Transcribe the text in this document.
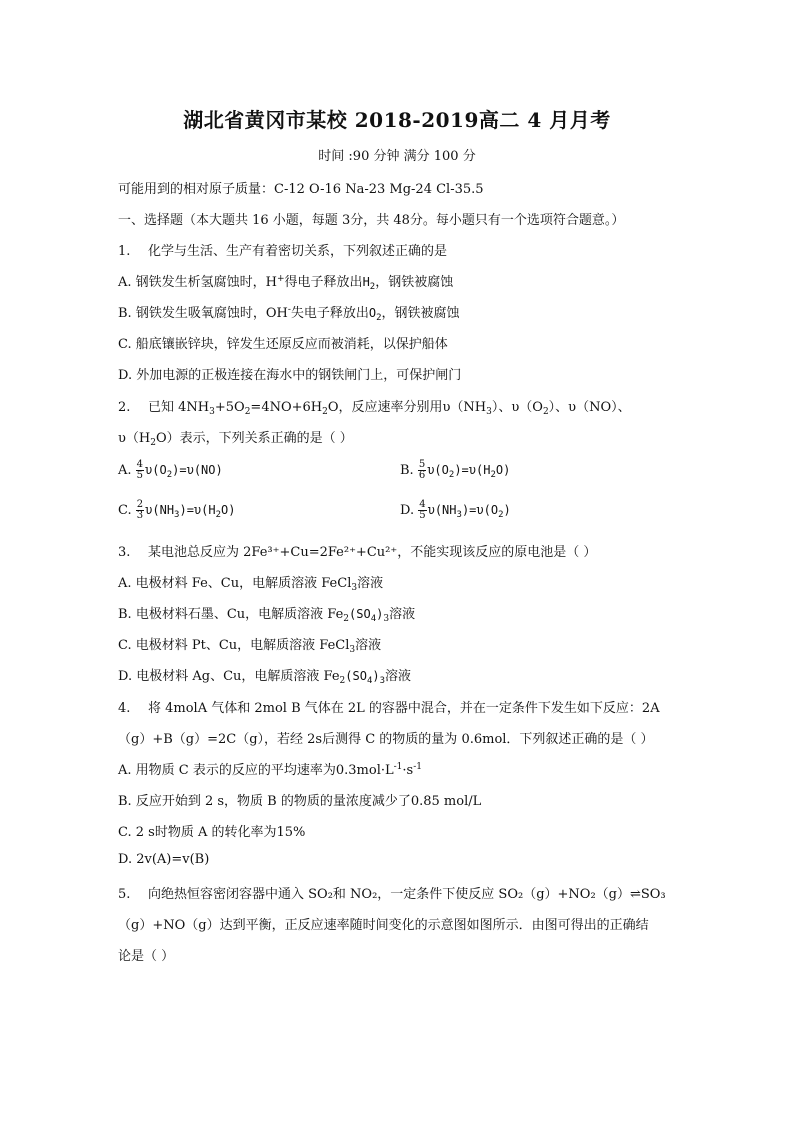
湖北省黄冈市某校 2018-2019高二 4 月月考
时间 :90 分钟 满分 100 分
可能用到的相对原子质量：C-12 O-16 Na-23 Mg-24 Cl-35.5
一、选择题（本大题共 16 小题，每题 3分，共 48分。每小题只有一个选项符合题意。）
1. 化学与生活、生产有着密切关系，下列叙述正确的是
A. 钢铁发生析氢腐蚀时，H+得电子释放出$H_2$，钢铁被腐蚀
B. 钢铁发生吸氧腐蚀时，OH-失电子释放出$O_2$，钢铁被腐蚀
C. 船底镶嵌锌块，锌发生还原反应而被消耗，以保护船体
D. 外加电源的正极连接在海水中的钢铁闸门上，可保护闸门
2. 已知 $4NH_3+5O_2=4NO+6H_2O$，反应速率分别用$\upsilon(NH_3)$、$\upsilon(O_2)$、υ（NO）、
$\upsilon(H_2O)$表示，下列关系正确的是（ ）
A. $\frac{4}{5} \upsilon(O_2)=\upsilon(NO)$	B. $\frac{5}{6} \upsilon(O_2)=\upsilon(H_2O)$
C. $\frac{2}{3} \upsilon(NH_3)=\upsilon(H_2O)$	D. $\frac{4}{5} \upsilon(NH_3)=\upsilon(O_2)$
3. 某电池总反应为 2Fe³⁺+Cu=2Fe²⁺+Cu²⁺，不能实现该反应的原电池是（ ）
A. 电极材料 Fe、Cu，电解质溶液 FeCl$_3$溶液
B. 电极材料石墨、Cu，电解质溶液 $Fe_2(SO_4)_3$溶液
C. 电极材料 Pt、Cu，电解质溶液 FeCl$_3$溶液
D. 电极材料 Ag、Cu，电解质溶液 $Fe_2(SO_4)_3$溶液
4. 将 4molA 气体和 2mol B 气体在 2L 的容器中混合，并在一定条件下发生如下反应：2A
（g）+B（g）=2C（g），若经 2s后测得 C 的物质的量为 0.6mol．下列叙述正确的是（ ）
A. 用物质 C 表示的反应的平均速率为$0.3mol\cdot L^{-1}\cdot s^{-1}$
B. 反应开始到 2 s，物质 B 的物质的量浓度减少了0.85 mol/L
C. 2 s时物质 A 的转化率为15%
D. 2v(A)=v(B)
5. 向绝热恒容密闭容器中通入 SO₂和 NO₂，一定条件下使反应 SO₂（g）+NO₂（g）⇌SO₃
（g）+NO（g）达到平衡，正反应速率随时间变化的示意图如图所示．由图可得出的正确结
论是（ ）
